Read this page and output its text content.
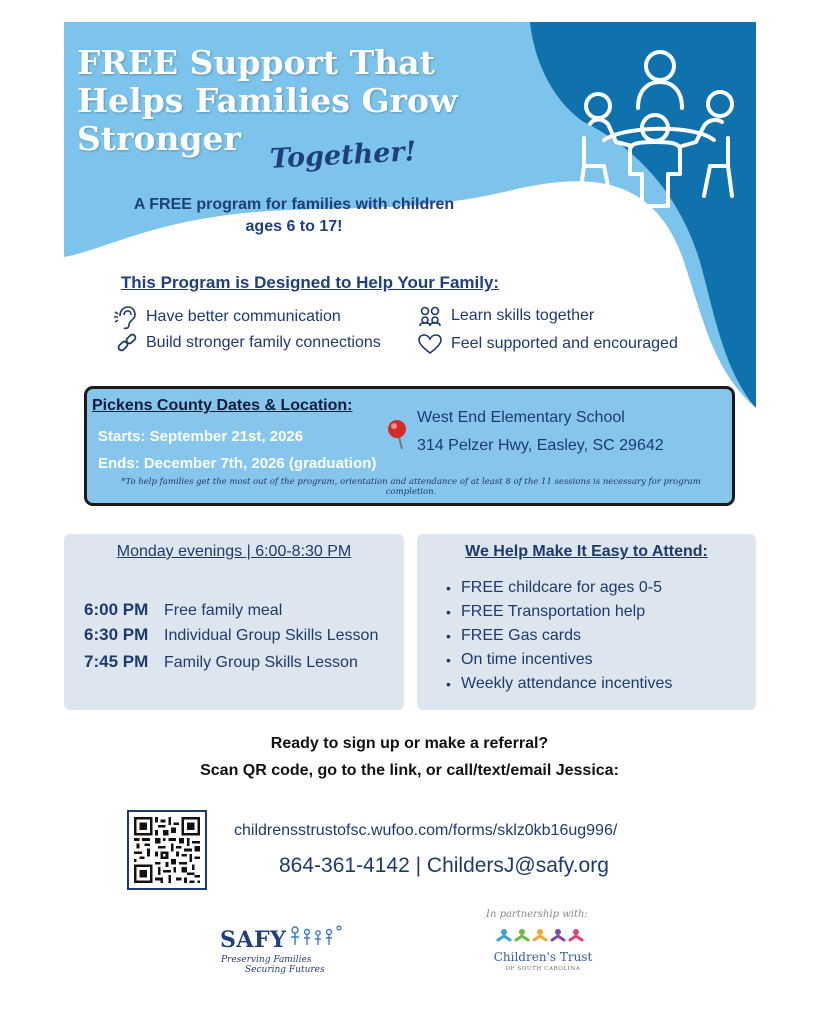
FREE Support That
Helps Families Grow
Stronger	Together!
A FREE program for families with children
ages 6 to 17!
This Program is Designed to Help Your Family:
Have better communication	Learn skills together
Build stronger family connections	Feel supported and encouraged
Pickens County Dates & Location:
Starts: September 21st, 2026
Ends: December 7th, 2026 (graduation)
West End Elementary School
314 Pelzer Hwy, Easley, SC 29642
*To help families get the most out of the program, orientation and attendance of at least 8 of the 11 sessions is necessary for program completion.
Monday evenings | 6:00-8:30 PM
6:00 PM Free family meal
6:30 PM Individual Group Skills Lesson
7:45 PM Family Group Skills Lesson
We Help Make It Easy to Attend:
• FREE childcare for ages 0-5
• FREE Transportation help
• FREE Gas cards
• On time incentives
• Weekly attendance incentives
Ready to sign up or make a referral?
Scan QR code, go to the link, or call/text/email Jessica:
childrensstrustofsc.wufoo.com/forms/sklz0kb16ug996/
864-361-4142 | ChildersJ@safy.org
SAFY
Preserving Families
Securing Futures
In partnership with:
Children's Trust
OF SOUTH CAROLINA
